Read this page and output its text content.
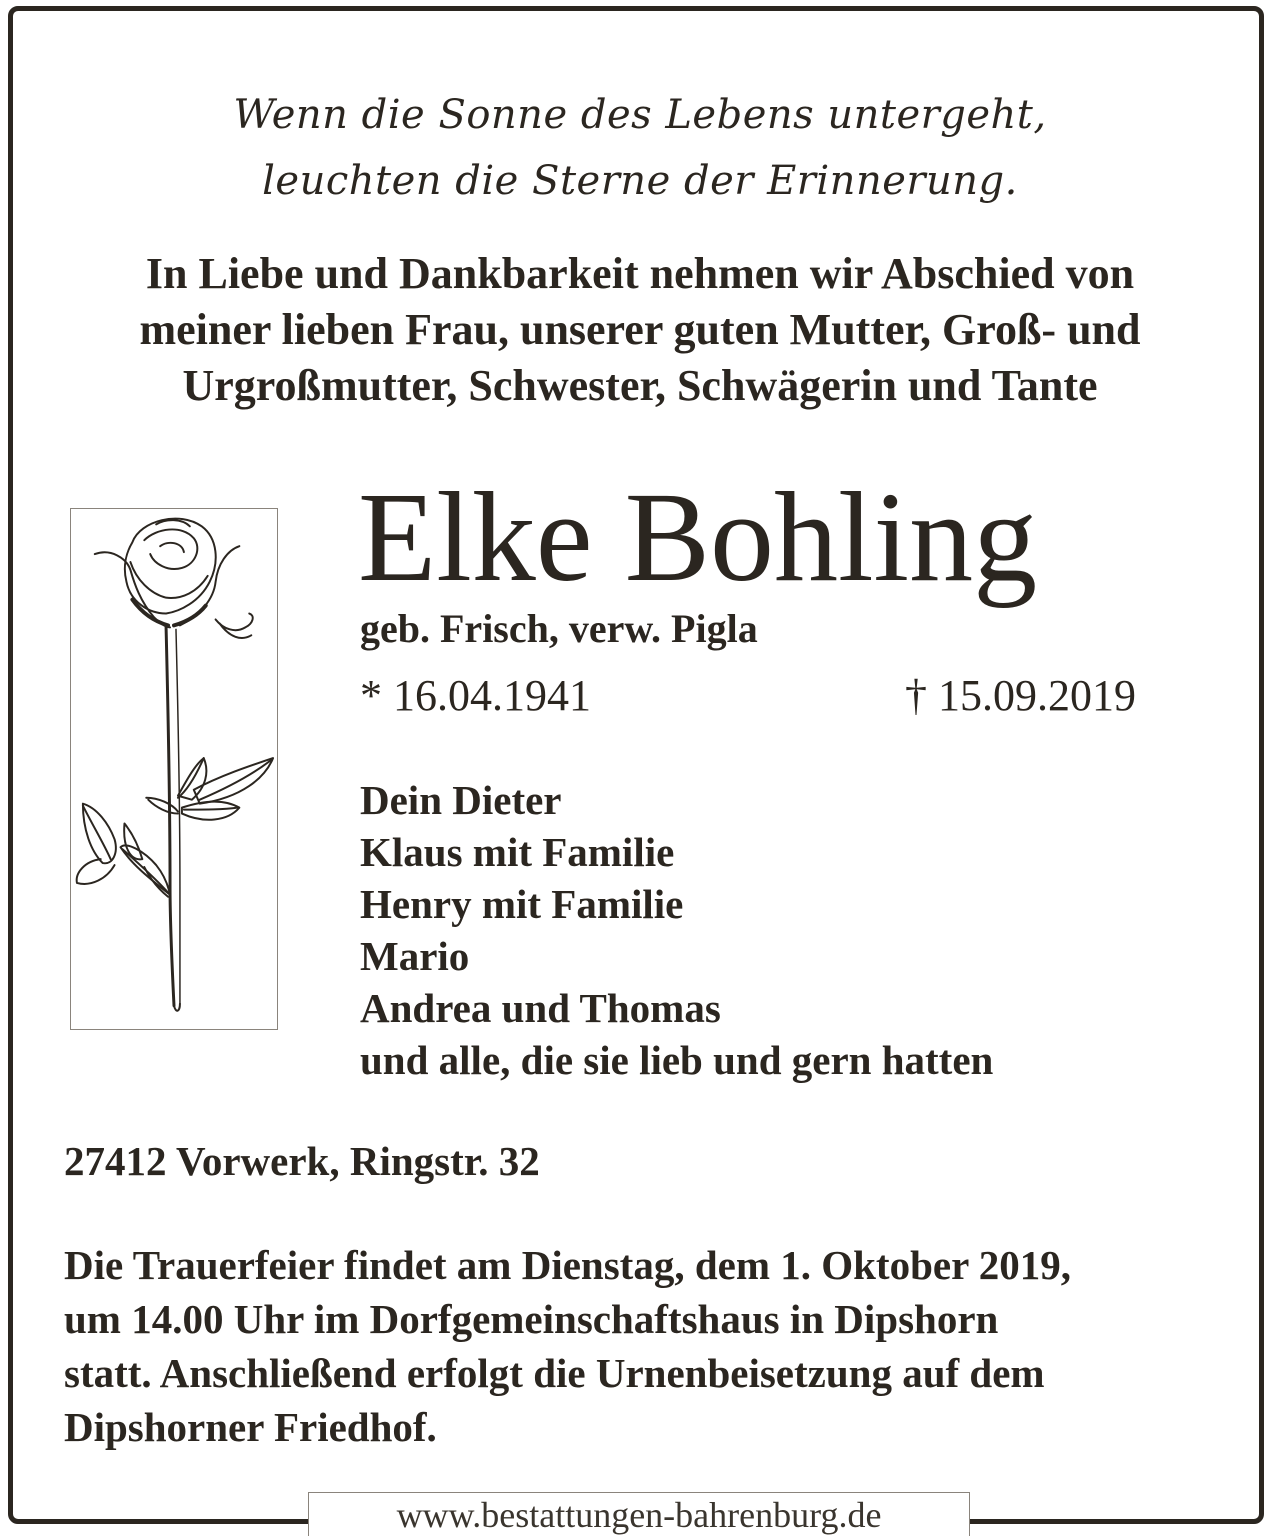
Wenn die Sonne des Lebens untergeht,
leuchten die Sterne der Erinnerung.
In Liebe und Dankbarkeit nehmen wir Abschied von
meiner lieben Frau, unserer guten Mutter, Groß- und
Urgroßmutter, Schwester, Schwägerin und Tante
Elke Bohling
geb. Frisch, verw. Pigla
* 16.04.1941	† 15.09.2019
Dein Dieter
Klaus mit Familie
Henry mit Familie
Mario
Andrea und Thomas
und alle, die sie lieb und gern hatten
27412 Vorwerk, Ringstr. 32
Die Trauerfeier findet am Dienstag, dem 1. Oktober 2019,
um 14.00 Uhr im Dorfgemeinschaftshaus in Dipshorn
statt. Anschließend erfolgt die Urnenbeisetzung auf dem
Dipshorner Friedhof.
www.bestattungen-bahrenburg.de
